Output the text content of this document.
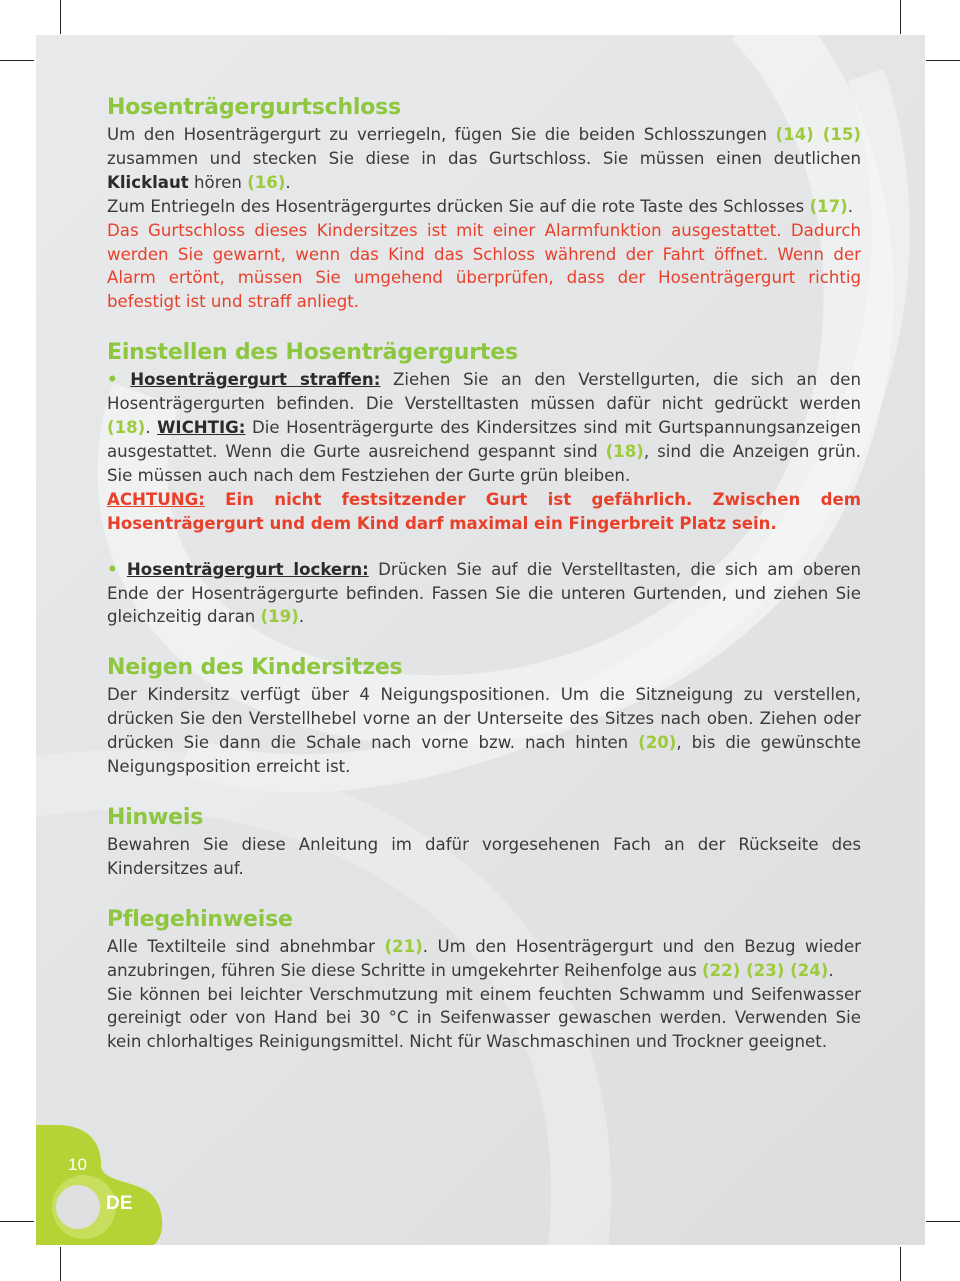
Hosenträgergurtschloss

Um den Hosenträgergurt zu verriegeln, fügen Sie die beiden Schlosszungen (14) (15) zusammen und stecken Sie diese in das Gurtschloss. Sie müssen einen deutlichen Klicklaut hören (16).

Zum Entriegeln des Hosenträgergurtes drücken Sie auf die rote Taste des Schlosses (17).

Das Gurtschloss dieses Kindersitzes ist mit einer Alarmfunktion ausgestattet. Dadurch werden Sie gewarnt, wenn das Kind das Schloss während der Fahrt öffnet. Wenn der Alarm ertönt, müssen Sie umgehend überprüfen, dass der Hosenträgergurt richtig befestigt ist und straff anliegt.

Einstellen des Hosenträgergurtes

• Hosenträgergurt straffen: Ziehen Sie an den Verstellgurten, die sich an den Hosenträgergurten befinden. Die Verstelltasten müssen dafür nicht gedrückt werden (18). WICHTIG: Die Hosenträgergurte des Kindersitzes sind mit Gurtspannungsanzeigen ausgestattet. Wenn die Gurte ausreichend gespannt sind (18), sind die Anzeigen grün. Sie müssen auch nach dem Festziehen der Gurte grün bleiben.

ACHTUNG: Ein nicht festsitzender Gurt ist gefährlich. Zwischen dem Hosenträgergurt und dem Kind darf maximal ein Fingerbreit Platz sein.

• Hosenträgergurt lockern: Drücken Sie auf die Verstelltasten, die sich am oberen Ende der Hosenträgergurte befinden. Fassen Sie die unteren Gurtenden, und ziehen Sie gleichzeitig daran (19).

Neigen des Kindersitzes

Der Kindersitz verfügt über 4 Neigungspositionen. Um die Sitzneigung zu verstellen, drücken Sie den Verstellhebel vorne an der Unterseite des Sitzes nach oben. Ziehen oder drücken Sie dann die Schale nach vorne bzw. nach hinten (20), bis die gewünschte Neigungsposition erreicht ist.

Hinweis

Bewahren Sie diese Anleitung im dafür vorgesehenen Fach an der Rückseite des Kindersitzes auf.

Pflegehinweise

Alle Textilteile sind abnehmbar (21). Um den Hosenträgergurt und den Bezug wieder anzubringen, führen Sie diese Schritte in umgekehrter Reihenfolge aus (22) (23) (24).

Sie können bei leichter Verschmutzung mit einem feuchten Schwamm und Seifenwasser gereinigt oder von Hand bei 30 °C in Seifenwasser gewaschen werden. Verwenden Sie kein chlorhaltiges Reinigungsmittel. Nicht für Waschmaschinen und Trockner geeignet.

10
DE
